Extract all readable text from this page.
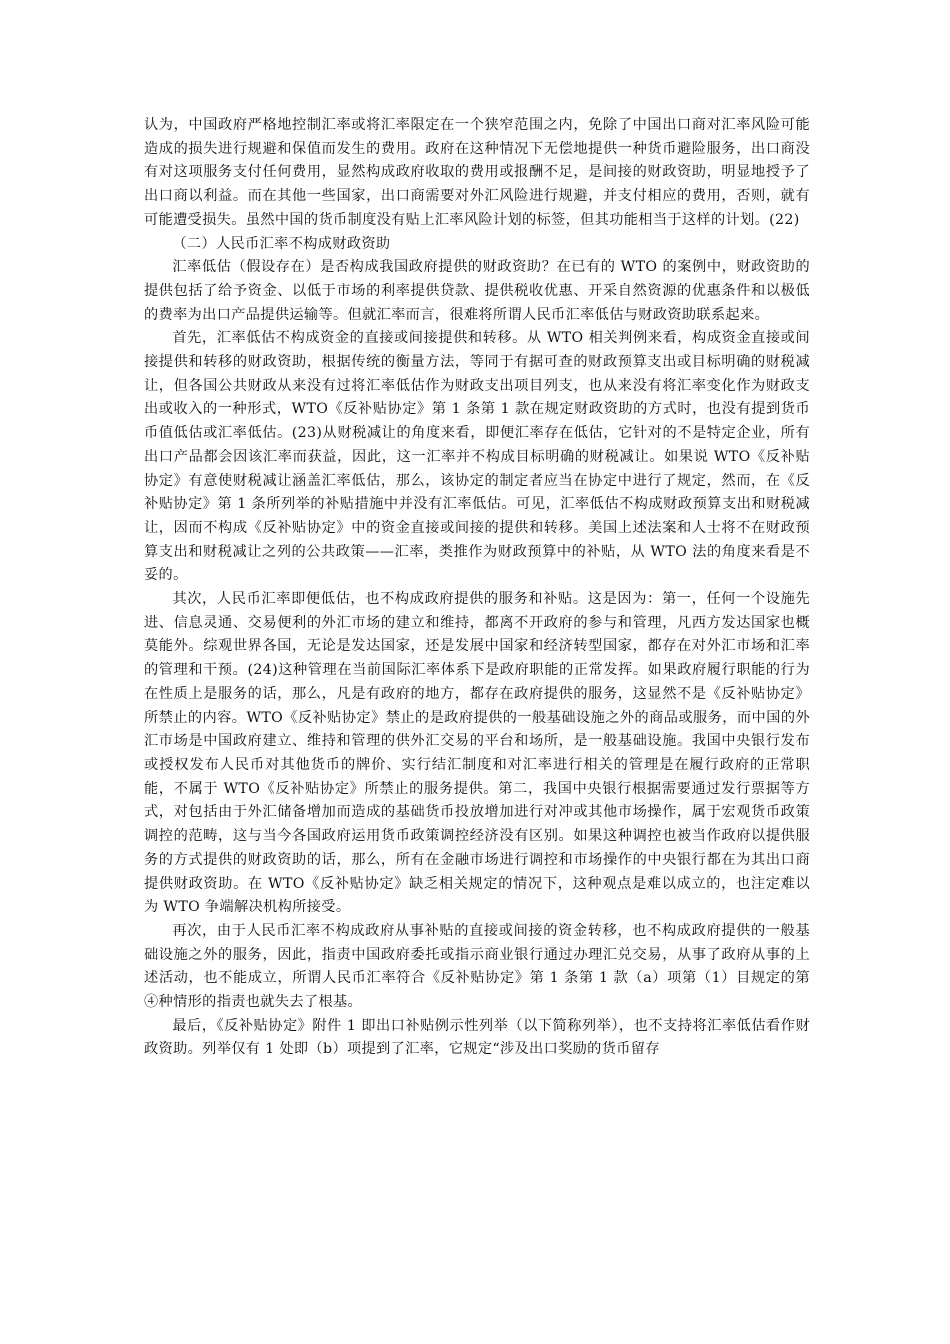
认为，中国政府严格地控制汇率或将汇率限定在一个狭窄范围之内，免除了中国出口商对汇率风险可能造成的损失进行规避和保值而发生的费用。政府在这种情况下无偿地提供一种货币避险服务，出口商没有对这项服务支付任何费用，显然构成政府收取的费用或报酬不足，是间接的财政资助，明显地授予了出口商以利益。而在其他一些国家，出口商需要对外汇风险进行规避，并支付相应的费用，否则，就有可能遭受损失。虽然中国的货币制度没有贴上汇率风险计划的标签，但其功能相当于这样的计划。(22)

（二）人民币汇率不构成财政资助

汇率低估（假设存在）是否构成我国政府提供的财政资助？在已有的 WTO 的案例中，财政资助的提供包括了给予资金、以低于市场的利率提供贷款、提供税收优惠、开采自然资源的优惠条件和以极低的费率为出口产品提供运输等。但就汇率而言，很难将所谓人民币汇率低估与财政资助联系起来。

首先，汇率低估不构成资金的直接或间接提供和转移。从 WTO 相关判例来看，构成资金直接或间接提供和转移的财政资助，根据传统的衡量方法，等同于有据可查的财政预算支出或目标明确的财税减让，但各国公共财政从来没有过将汇率低估作为财政支出项目列支，也从来没有将汇率变化作为财政支出或收入的一种形式，WTO《反补贴协定》第 1 条第 1 款在规定财政资助的方式时，也没有提到货币币值低估或汇率低估。(23)从财税减让的角度来看，即便汇率存在低估，它针对的不是特定企业，所有出口产品都会因该汇率而获益，因此，这一汇率并不构成目标明确的财税减让。如果说 WTO《反补贴协定》有意使财税减让涵盖汇率低估，那么，该协定的制定者应当在协定中进行了规定，然而，在《反补贴协定》第 1 条所列举的补贴措施中并没有汇率低估。可见，汇率低估不构成财政预算支出和财税减让，因而不构成《反补贴协定》中的资金直接或间接的提供和转移。美国上述法案和人士将不在财政预算支出和财税减让之列的公共政策——汇率，类推作为财政预算中的补贴，从 WTO 法的角度来看是不妥的。

其次，人民币汇率即便低估，也不构成政府提供的服务和补贴。这是因为：第一，任何一个设施先进、信息灵通、交易便利的外汇市场的建立和维持，都离不开政府的参与和管理，凡西方发达国家也概莫能外。综观世界各国，无论是发达国家，还是发展中国家和经济转型国家，都存在对外汇市场和汇率的管理和干预。(24)这种管理在当前国际汇率体系下是政府职能的正常发挥。如果政府履行职能的行为在性质上是服务的话，那么，凡是有政府的地方，都存在政府提供的服务，这显然不是《反补贴协定》所禁止的内容。WTO《反补贴协定》禁止的是政府提供的一般基础设施之外的商品或服务，而中国的外汇市场是中国政府建立、维持和管理的供外汇交易的平台和场所，是一般基础设施。我国中央银行发布或授权发布人民币对其他货币的牌价、实行结汇制度和对汇率进行相关的管理是在履行政府的正常职能，不属于 WTO《反补贴协定》所禁止的服务提供。第二，我国中央银行根据需要通过发行票据等方式，对包括由于外汇储备增加而造成的基础货币投放增加进行对冲或其他市场操作，属于宏观货币政策调控的范畴，这与当今各国政府运用货币政策调控经济没有区别。如果这种调控也被当作政府以提供服务的方式提供的财政资助的话，那么，所有在金融市场进行调控和市场操作的中央银行都在为其出口商提供财政资助。在 WTO《反补贴协定》缺乏相关规定的情况下，这种观点是难以成立的，也注定难以为 WTO 争端解决机构所接受。

再次，由于人民币汇率不构成政府从事补贴的直接或间接的资金转移，也不构成政府提供的一般基础设施之外的服务，因此，指责中国政府委托或指示商业银行通过办理汇兑交易，从事了政府从事的上述活动，也不能成立，所谓人民币汇率符合《反补贴协定》第 1 条第 1 款（a）项第（1）目规定的第④种情形的指责也就失去了根基。

最后，《反补贴协定》附件 1 即出口补贴例示性列举（以下简称列举），也不支持将汇率低估看作财政资助。列举仅有 1 处即（b）项提到了汇率，它规定“涉及出口奖励的货币留存
